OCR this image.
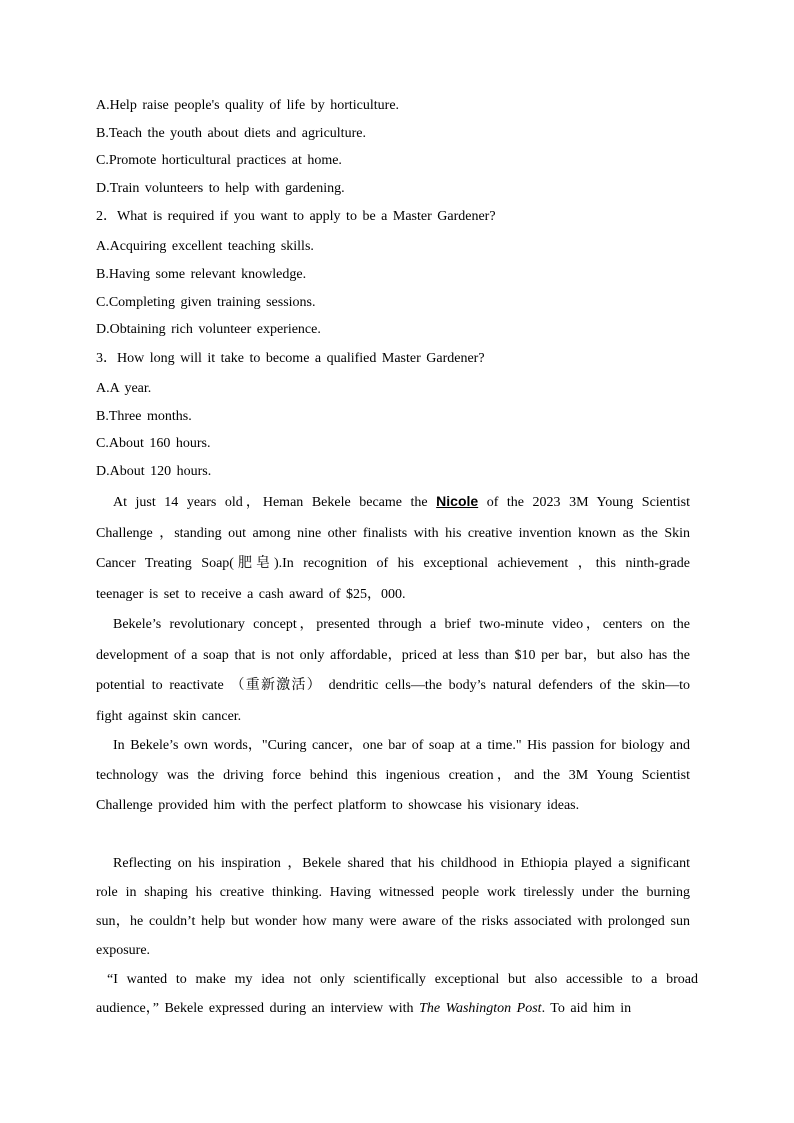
A.Help raise people's quality of life by horticulture.
B.Teach the youth about diets and agriculture.
C.Promote horticultural practices at home.
D.Train volunteers to help with gardening.
2．What is required if you want to apply to be a Master Gardener?
A.Acquiring excellent teaching skills.
B.Having some relevant knowledge.
C.Completing given training sessions.
D.Obtaining rich volunteer experience.
3．How long will it take to become a qualified Master Gardener?
A.A year.
B.Three months.
C.About 160 hours.
D.About 120 hours.
At just 14 years old，Heman Bekele became the Nicole of the 2023 3M Young Scientist Challenge ，standing out among nine other finalists with his creative invention known as the Skin Cancer Treating Soap(肥皂).In recognition of his exceptional achievement ，this ninth-grade teenager is set to receive a cash award of $25，000.
Bekele’s revolutionary concept，presented through a brief two-minute video，centers on the development of a soap that is not only affordable，priced at less than $10 per bar，but also has the potential to reactivate （重新激活） dendritic cells—the body’s natural defenders of the skin—to fight against skin cancer.
In Bekele’s own words，"Curing cancer，one bar of soap at a time." His passion for biology and technology was the driving force behind this ingenious creation，and the 3M Young Scientist Challenge provided him with the perfect platform to showcase his visionary ideas.
Reflecting on his inspiration ，Bekele shared that his childhood in Ethiopia played a significant role in shaping his creative thinking. Having witnessed people work tirelessly under the burning sun，he couldn’t help but wonder how many were aware of the risks associated with prolonged sun exposure.
“I wanted to make my idea not only scientifically exceptional but also accessible to a broad audience，” Bekele expressed during an interview with The Washington Post. To aid him in
